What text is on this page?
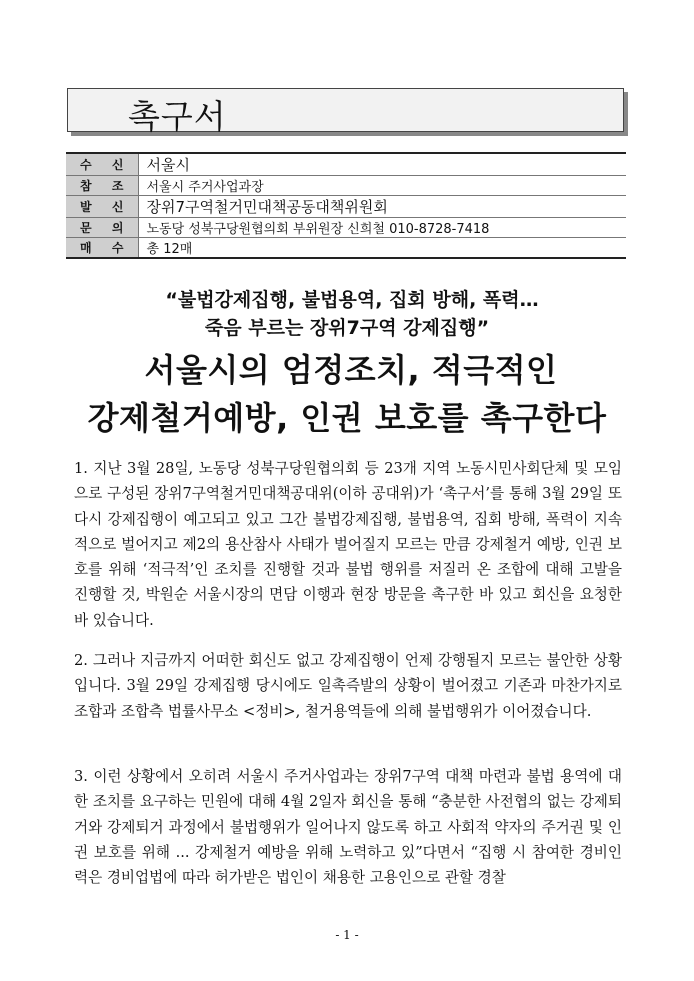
촉구서
수 신	서울시
참 조	서울시 주거사업과장
발 신	장위7구역철거민대책공동대책위원회
문 의	노동당 성북구당원협의회 부위원장 신희철 010-8728-7418
매 수	총 12매
“불법강제집행, 불법용역, 집회 방해, 폭력…
죽음 부르는 장위7구역 강제집행”
서울시의 엄정조치, 적극적인
강제철거예방, 인권 보호를 촉구한다
1. 지난 3월 28일, 노동당 성북구당원협의회 등 23개 지역 노동시민사회단체 및 모임으로 구성된 장위7구역철거민대책공대위(이하 공대위)가 ‘촉구서’를 통해 3월 29일 또 다시 강제집행이 예고되고 있고 그간 불법강제집행, 불법용역, 집회 방해, 폭력이 지속적으로 벌어지고 제2의 용산참사 사태가 벌어질지 모르는 만큼 강제철거 예방, 인권 보호를 위해 ‘적극적’인 조치를 진행할 것과 불법 행위를 저질러 온 조합에 대해 고발을 진행할 것, 박원순 서울시장의 면담 이행과 현장 방문을 촉구한 바 있고 회신을 요청한 바 있습니다.
2. 그러나 지금까지 어떠한 회신도 없고 강제집행이 언제 강행될지 모르는 불안한 상황입니다. 3월 29일 강제집행 당시에도 일촉즉발의 상황이 벌어졌고 기존과 마찬가지로 조합과 조합측 법률사무소 <정비>, 철거용역들에 의해 불법행위가 이어졌습니다.
3. 이런 상황에서 오히려 서울시 주거사업과는 장위7구역 대책 마련과 불법 용역에 대한 조치를 요구하는 민원에 대해 4월 2일자 회신을 통해 “충분한 사전협의 없는 강제퇴거와 강제퇴거 과정에서 불법행위가 일어나지 않도록 하고 사회적 약자의 주거권 및 인권 보호를 위해 ... 강제철거 예방을 위해 노력하고 있”다면서 “집행 시 참여한 경비인력은 경비업법에 따라 허가받은 법인이 채용한 고용인으로 관할 경찰
- 1 -
